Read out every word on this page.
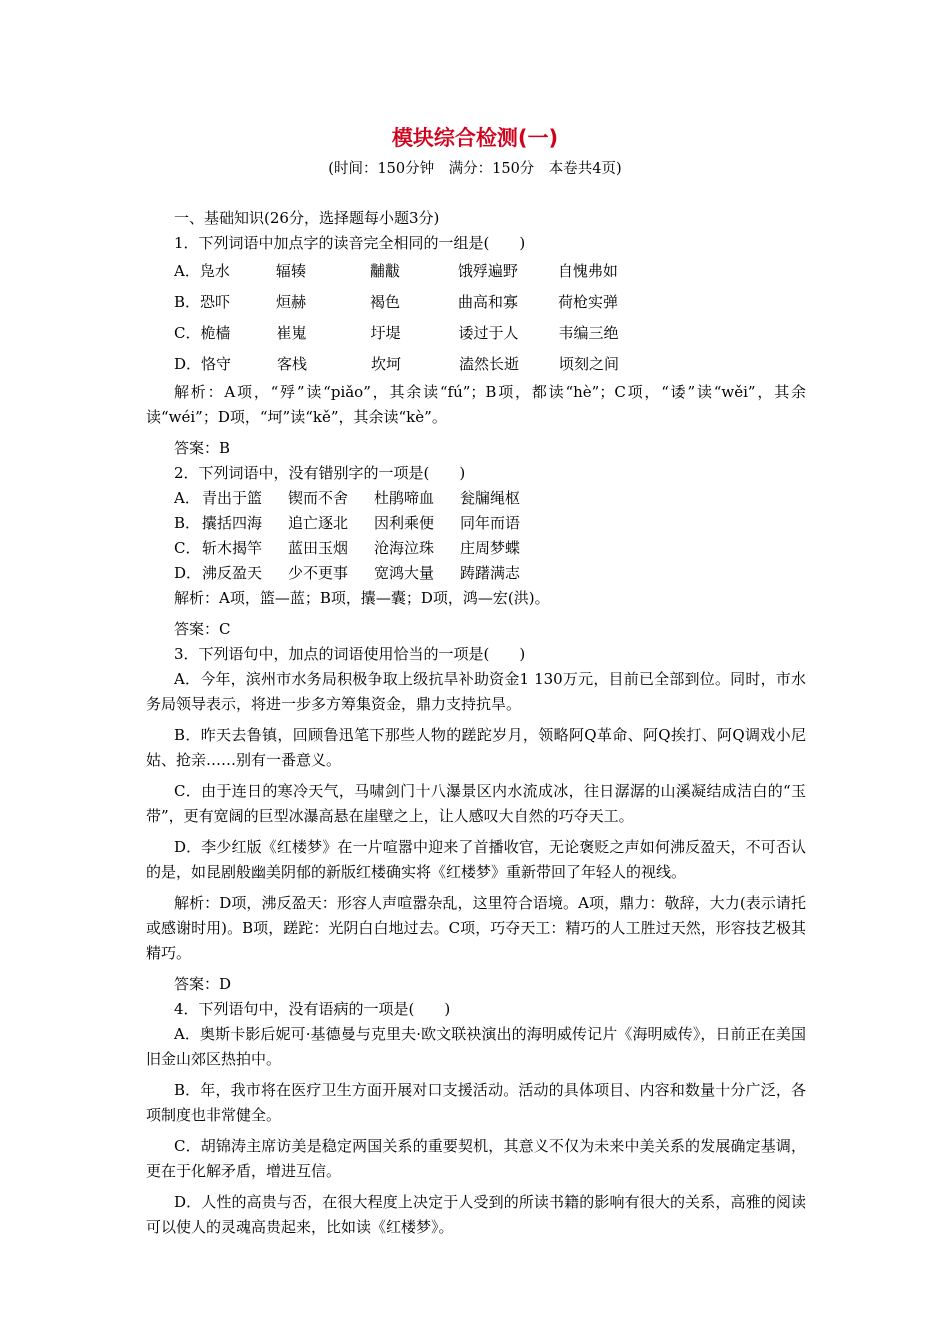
模块综合检测(一)
(时间：150分钟　满分：150分　本卷共4页)
一、基础知识(26分，选择题每小题3分)
1．下列词语中加点字的读音完全相同的一组是(　　)
A． 凫水	辐辏	黼黻	饿殍遍野	自愧弗如
B． 恐吓	烜赫	褐色	曲高和寡	荷枪实弹
C． 桅樯	崔嵬	圩堤	诿过于人	韦编三绝
D． 恪守	客栈	坎坷	溘然长逝	顷刻之间
解析：A项，“殍”读“piǎo”，其余读“fú”；B项，都读“hè”；C项，“诿”读“wěi”，其余读“wéi”；D项，“坷”读“kě”，其余读“kè”。
答案：B
2．下列词语中，没有错别字的一项是(　　)
A． 青出于篮	锲而不舍	杜鹃啼血	瓮牖绳枢
B． 攮括四海	追亡逐北	因利乘便	同年而语
C． 斩木揭竿	蓝田玉烟	沧海泣珠	庄周梦蝶
D． 沸反盈天	少不更事	宽鸿大量	踌躇满志
解析：A项，篮—蓝；B项，攮—囊；D项，鸿—宏(洪)。
答案：C
3．下列语句中，加点的词语使用恰当的一项是(　　)
A．今年，滨州市水务局积极争取上级抗旱补助资金1 130万元，目前已全部到位。同时，市水务局领导表示，将进一步多方筹集资金，鼎力支持抗旱。
B．昨天去鲁镇，回顾鲁迅笔下那些人物的蹉跎岁月，领略阿Q革命、阿Q挨打、阿Q调戏小尼姑、抢亲……别有一番意义。
C．由于连日的寒冷天气，马啸剑门十八瀑景区内水流成冰，往日潺潺的山溪凝结成洁白的“玉带”，更有宽阔的巨型冰瀑高悬在崖壁之上，让人感叹大自然的巧夺天工。
D．李少红版《红楼梦》在一片喧嚣中迎来了首播收官，无论褒贬之声如何沸反盈天，不可否认的是，如昆剧般幽美阴郁的新版红楼确实将《红楼梦》重新带回了年轻人的视线。
解析：D项，沸反盈天：形容人声喧嚣杂乱，这里符合语境。A项，鼎力：敬辞，大力(表示请托或感谢时用)。B项，蹉跎：光阴白白地过去。C项，巧夺天工：精巧的人工胜过天然，形容技艺极其精巧。
答案：D
4．下列语句中，没有语病的一项是(　　)
A．奥斯卡影后妮可·基德曼与克里夫·欧文联袂演出的海明威传记片《海明威传》，日前正在美国旧金山郊区热拍中。
B．年，我市将在医疗卫生方面开展对口支援活动。活动的具体项目、内容和数量十分广泛，各项制度也非常健全。
C．胡锦涛主席访美是稳定两国关系的重要契机，其意义不仅为未来中美关系的发展确定基调，更在于化解矛盾，增进互信。
D．人性的高贵与否，在很大程度上决定于人受到的所读书籍的影响有很大的关系，高雅的阅读可以使人的灵魂高贵起来，比如读《红楼梦》。
